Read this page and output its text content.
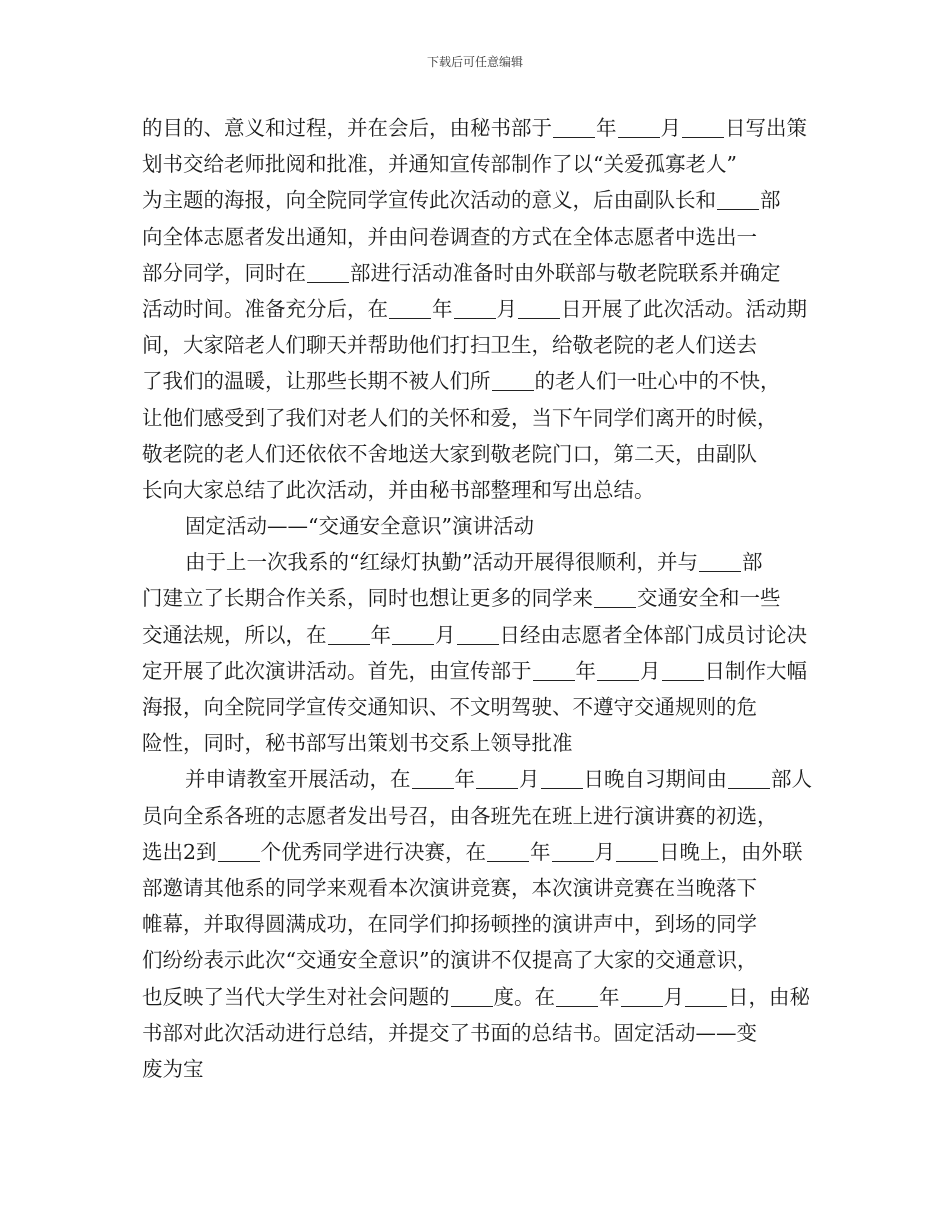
下载后可任意编辑
的目的、意义和过程，并在会后，由秘书部于 年 月 日写出策
划书交给老师批阅和批准，并通知宣传部制作了以“关爱孤寡老人”
为主题的海报，向全院同学宣传此次活动的意义，后由副队长和 部
向全体志愿者发出通知，并由问卷调查的方式在全体志愿者中选出一
部分同学，同时在 部进行活动准备时由外联部与敬老院联系并确定
活动时间。准备充分后，在 年 月 日开展了此次活动。活动期
间，大家陪老人们聊天并帮助他们打扫卫生，给敬老院的老人们送去
了我们的温暖，让那些长期不被人们所 的老人们一吐心中的不快，
让他们感受到了我们对老人们的关怀和爱，当下午同学们离开的时候，
敬老院的老人们还依依不舍地送大家到敬老院门口，第二天，由副队
长向大家总结了此次活动，并由秘书部整理和写出总结。
固定活动——“交通安全意识”演讲活动
由于上一次我系的“红绿灯执勤”活动开展得很顺利，并与 部
门建立了长期合作关系，同时也想让更多的同学来 交通安全和一些
交通法规，所以，在 年 月 日经由志愿者全体部门成员讨论决
定开展了此次演讲活动。首先，由宣传部于 年 月 日制作大幅
海报，向全院同学宣传交通知识、不文明驾驶、不遵守交通规则的危
险性，同时，秘书部写出策划书交系上领导批准
并申请教室开展活动，在 年 月 日晚自习期间由 部人
员向全系各班的志愿者发出号召，由各班先在班上进行演讲赛的初选，
选出2到 个优秀同学进行决赛，在 年 月 日晚上，由外联
部邀请其他系的同学来观看本次演讲竞赛，本次演讲竞赛在当晚落下
帷幕，并取得圆满成功，在同学们抑扬顿挫的演讲声中，到场的同学
们纷纷表示此次“交通安全意识”的演讲不仅提高了大家的交通意识，
也反映了当代大学生对社会问题的 度。在 年 月 日，由秘
书部对此次活动进行总结，并提交了书面的总结书。固定活动——变
废为宝
